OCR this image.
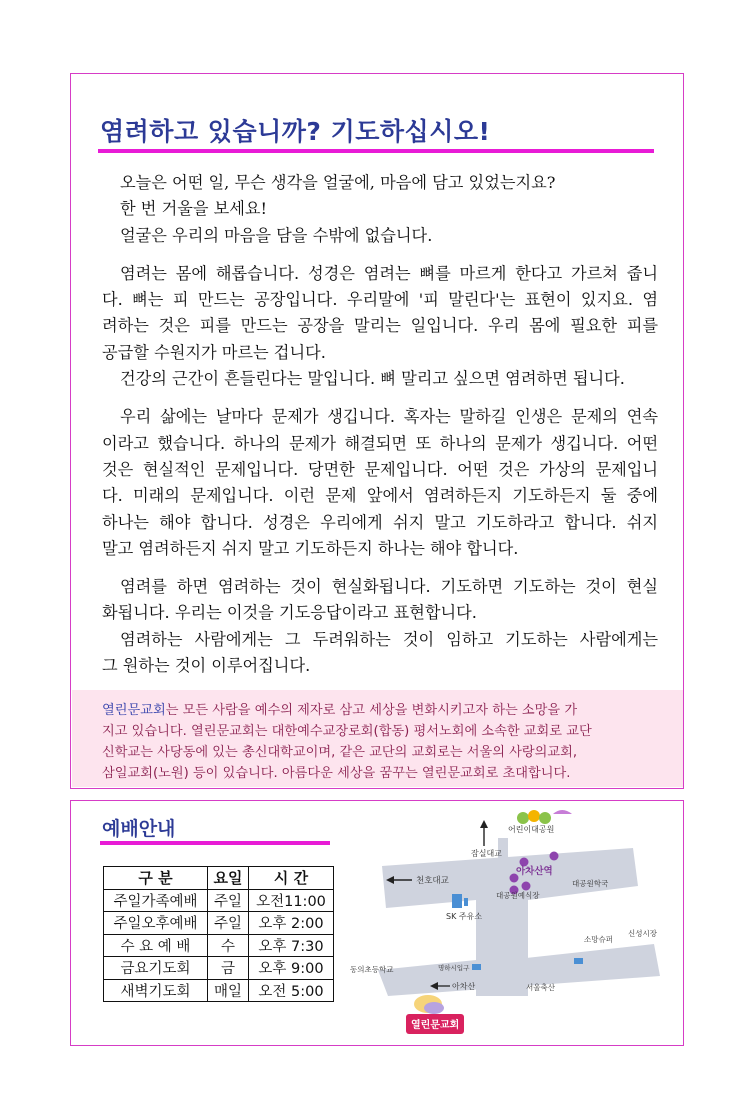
염려하고 있습니까? 기도하십시오!
오늘은 어떤 일, 무슨 생각을 얼굴에, 마음에 담고 있었는지요?
한 번 거울을 보세요!
얼굴은 우리의 마음을 담을 수밖에 없습니다.
염려는 몸에 해롭습니다. 성경은 염려는 뼈를 마르게 한다고 가르쳐 줍니
다. 뼈는 피 만드는 공장입니다. 우리말에 '피 말린다'는 표현이 있지요. 염
려하는 것은 피를 만드는 공장을 말리는 일입니다. 우리 몸에 필요한 피를
공급할 수원지가 마르는 겁니다.
건강의 근간이 흔들린다는 말입니다. 뼈 말리고 싶으면 염려하면 됩니다.
우리 삶에는 날마다 문제가 생깁니다. 혹자는 말하길 인생은 문제의 연속
이라고 했습니다. 하나의 문제가 해결되면 또 하나의 문제가 생깁니다. 어떤
것은 현실적인 문제입니다. 당면한 문제입니다. 어떤 것은 가상의 문제입니
다. 미래의 문제입니다. 이런 문제 앞에서 염려하든지 기도하든지 둘 중에
하나는 해야 합니다. 성경은 우리에게 쉬지 말고 기도하라고 합니다. 쉬지
말고 염려하든지 쉬지 말고 기도하든지 하나는 해야 합니다.
염려를 하면 염려하는 것이 현실화됩니다. 기도하면 기도하는 것이 현실
화됩니다. 우리는 이것을 기도응답이라고 표현합니다.
염려하는 사람에게는 그 두려워하는 것이 임하고 기도하는 사람에게는
그 원하는 것이 이루어집니다.
열린문교회는 모든 사람을 예수의 제자로 삼고 세상을 변화시키고자 하는 소망을 가
지고 있습니다. 열린문교회는 대한예수교장로회(합동) 평서노회에 소속한 교회로 교단
신학교는 사당동에 있는 총신대학교이며, 같은 교단의 교회로는 서울의 사랑의교회,
삼일교회(노원) 등이 있습니다. 아름다운 세상을 꿈꾸는 열린문교회로 초대합니다.
예배안내
구 분	요일	시 간
주일가족예배	주일	오전11:00
주일오후예배	주일	오후 2:00
수 요 예 배	수	오후 7:30
금요기도회	금	오후 9:00
새벽기도회	매일	오전 5:00
어린이대공원
잠실대교
아차산역
천호대교
대공원예식장
대공원학국
SK 주유소
소망슈퍼
신성시장
동의초등학교	명하시입구
아차산	서울축산
열린문교회
